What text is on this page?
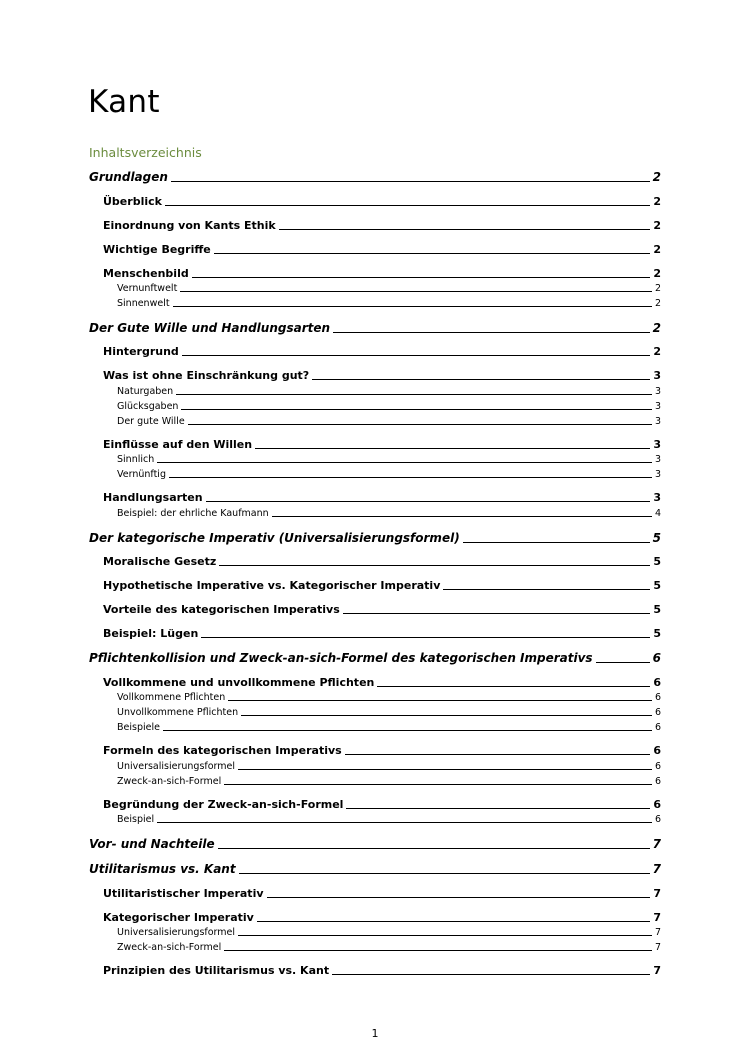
Kant
Inhaltsverzeichnis
Grundlagen	2
Überblick	2
Einordnung von Kants Ethik	2
Wichtige Begriffe	2
Menschenbild	2
Vernunftwelt	2
Sinnenwelt	2
Der Gute Wille und Handlungsarten	2
Hintergrund	2
Was ist ohne Einschränkung gut?	3
Naturgaben	3
Glücksgaben	3
Der gute Wille	3
Einflüsse auf den Willen	3
Sinnlich	3
Vernünftig	3
Handlungsarten	3
Beispiel: der ehrliche Kaufmann	4
Der kategorische Imperativ (Universalisierungsformel)	5
Moralische Gesetz	5
Hypothetische Imperative vs. Kategorischer Imperativ	5
Vorteile des kategorischen Imperativs	5
Beispiel: Lügen	5
Pflichtenkollision und Zweck-an-sich-Formel des kategorischen Imperativs	6
Vollkommene und unvollkommene Pflichten	6
Vollkommene Pflichten	6
Unvollkommene Pflichten	6
Beispiele	6
Formeln des kategorischen Imperativs	6
Universalisierungsformel	6
Zweck-an-sich-Formel	6
Begründung der Zweck-an-sich-Formel	6
Beispiel	6
Vor- und Nachteile	7
Utilitarismus vs. Kant	7
Utilitaristischer Imperativ	7
Kategorischer Imperativ	7
Universalisierungsformel	7
Zweck-an-sich-Formel	7
Prinzipien des Utilitarismus vs. Kant	7
1
